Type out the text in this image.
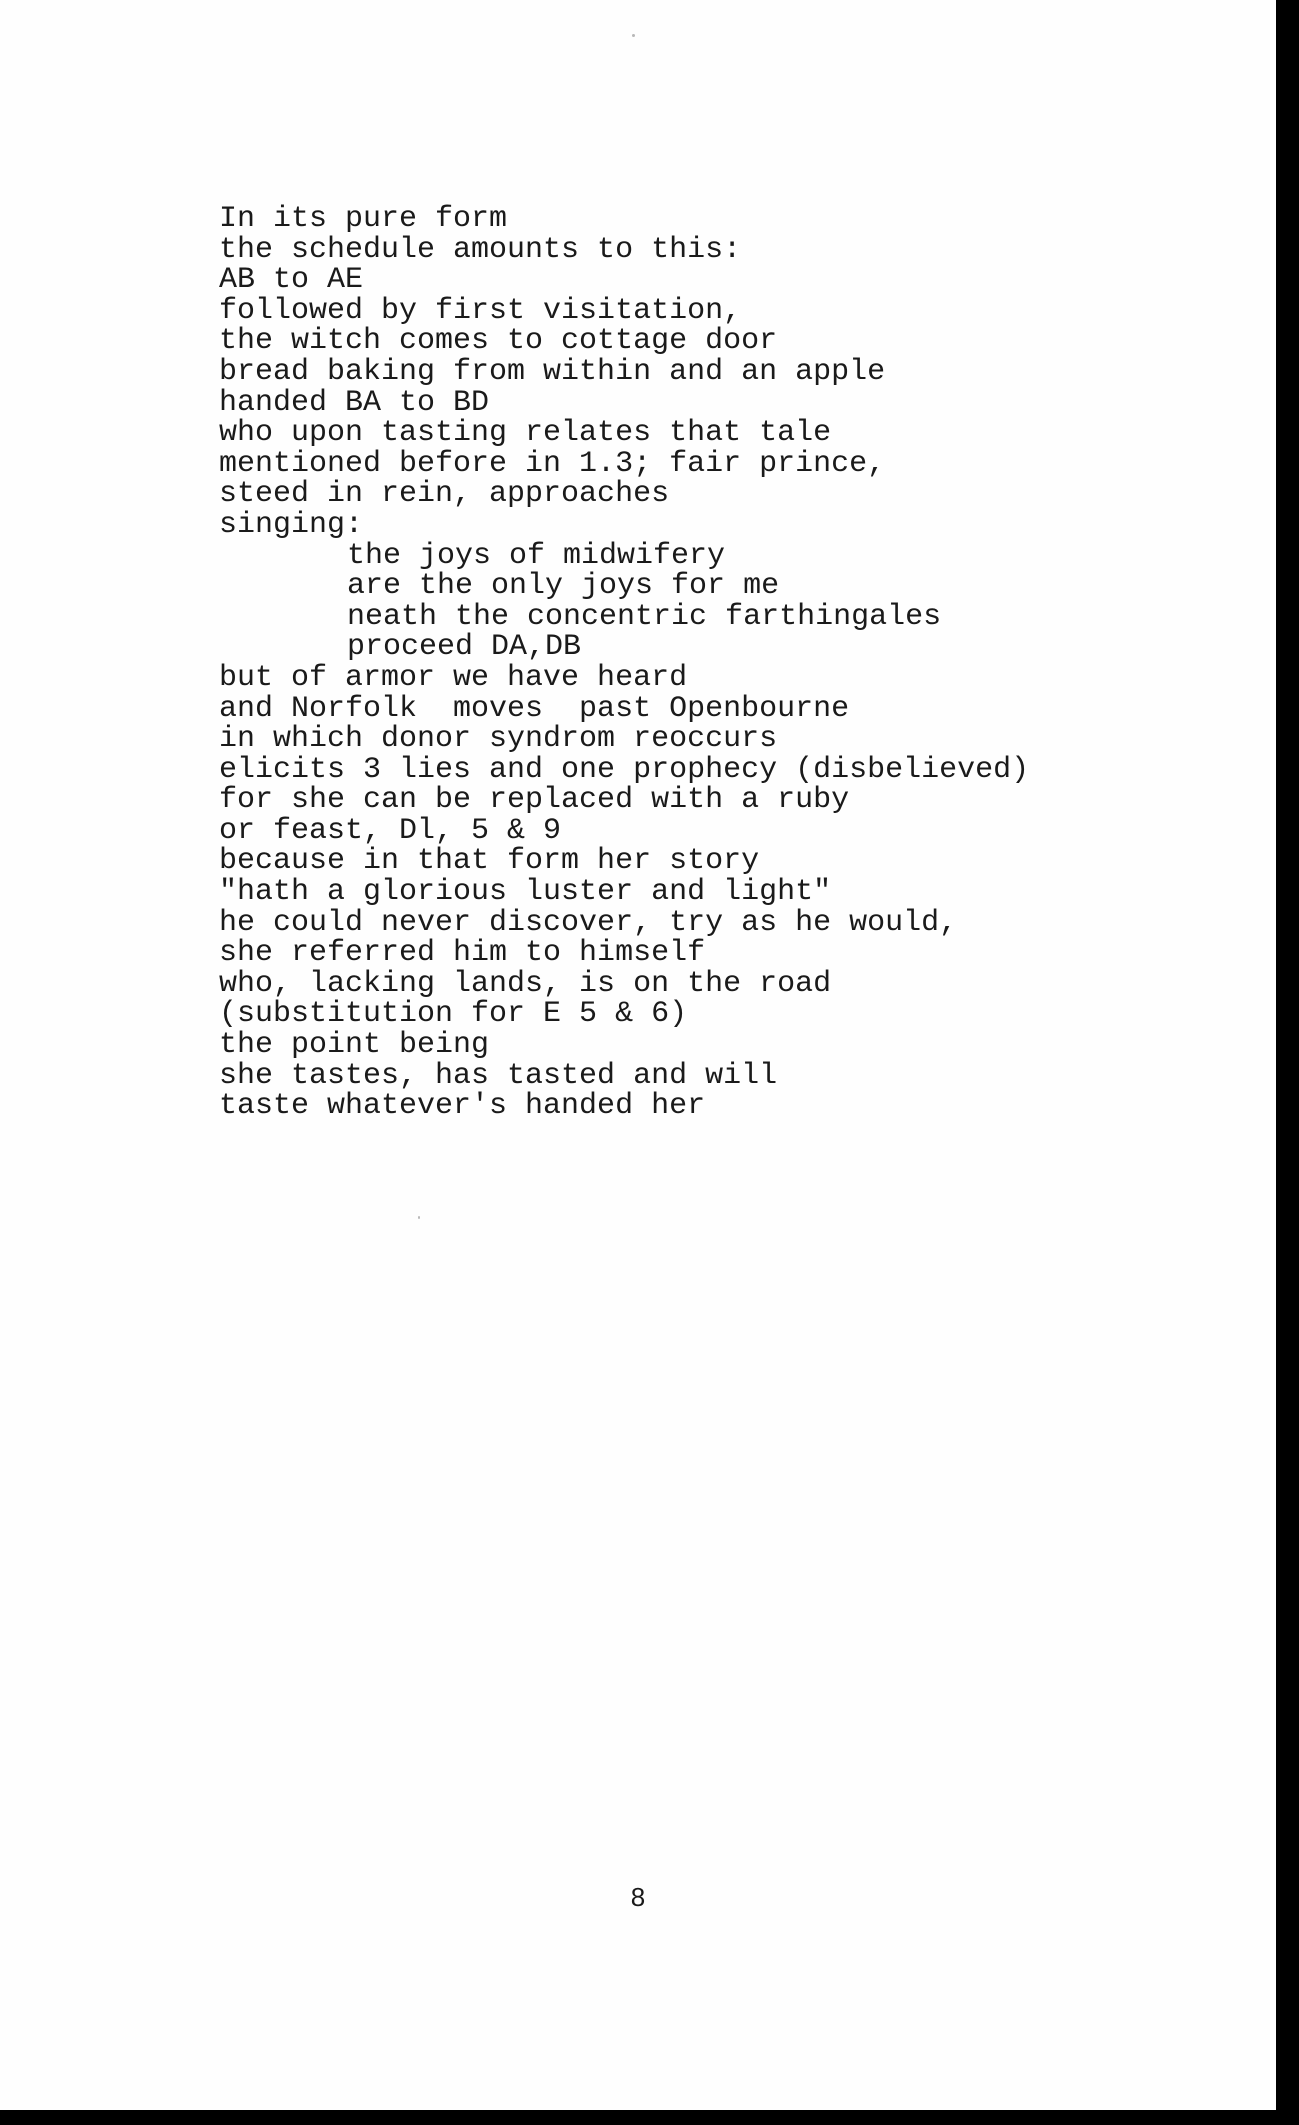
In its pure form
the schedule amounts to this:
AB to AE
followed by first visitation,
the witch comes to cottage door
bread baking from within and an apple
handed BA to BD
who upon tasting relates that tale
mentioned before in 1.3; fair prince,
steed in rein, approaches
singing:
the joys of midwifery
are the only joys for me
neath the concentric farthingales
proceed DA,DB
but of armor we have heard
and Norfolk  moves  past Openbourne
in which donor syndrom reoccurs
elicits 3 lies and one prophecy (disbelieved)
for she can be replaced with a ruby
or feast, Dl, 5 & 9
because in that form her story
"hath a glorious luster and light"
he could never discover, try as he would,
she referred him to himself
who, lacking lands, is on the road
(substitution for E 5 & 6)
the point being
she tastes, has tasted and will
taste whatever's handed her
8
